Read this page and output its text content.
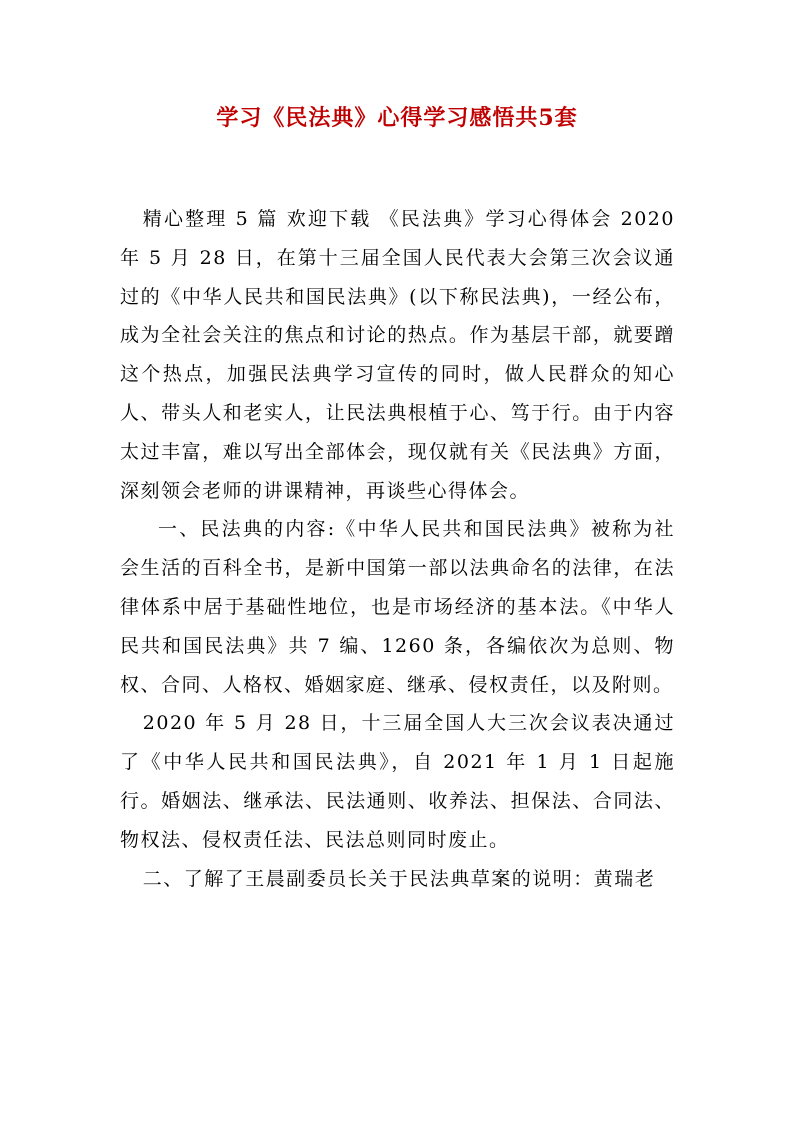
学习《民法典》心得学习感悟共5套

精心整理 5 篇 欢迎下载 《民法典》学习心得体会 2020 年 5 月 28 日，在第十三届全国人民代表大会第三次会议通过的《中华人民共和国民法典》(以下称民法典)，一经公布，成为全社会关注的焦点和讨论的热点。作为基层干部，就要蹭这个热点，加强民法典学习宣传的同时，做人民群众的知心人、带头人和老实人，让民法典根植于心、笃于行。由于内容太过丰富，难以写出全部体会，现仅就有关《民法典》方面，深刻领会老师的讲课精神，再谈些心得体会。

一、民法典的内容:《中华人民共和国民法典》被称为社会生活的百科全书，是新中国第一部以法典命名的法律，在法律体系中居于基础性地位，也是市场经济的基本法。《中华人民共和国民法典》共 7 编、1260 条，各编依次为总则、物权、合同、人格权、婚姻家庭、继承、侵权责任，以及附则。

2020 年 5 月 28 日，十三届全国人大三次会议表决通过了《中华人民共和国民法典》，自 2021 年 1 月 1 日起施行。婚姻法、继承法、民法通则、收养法、担保法、合同法、物权法、侵权责任法、民法总则同时废止。

二、了解了王晨副委员长关于民法典草案的说明：黄瑞老
